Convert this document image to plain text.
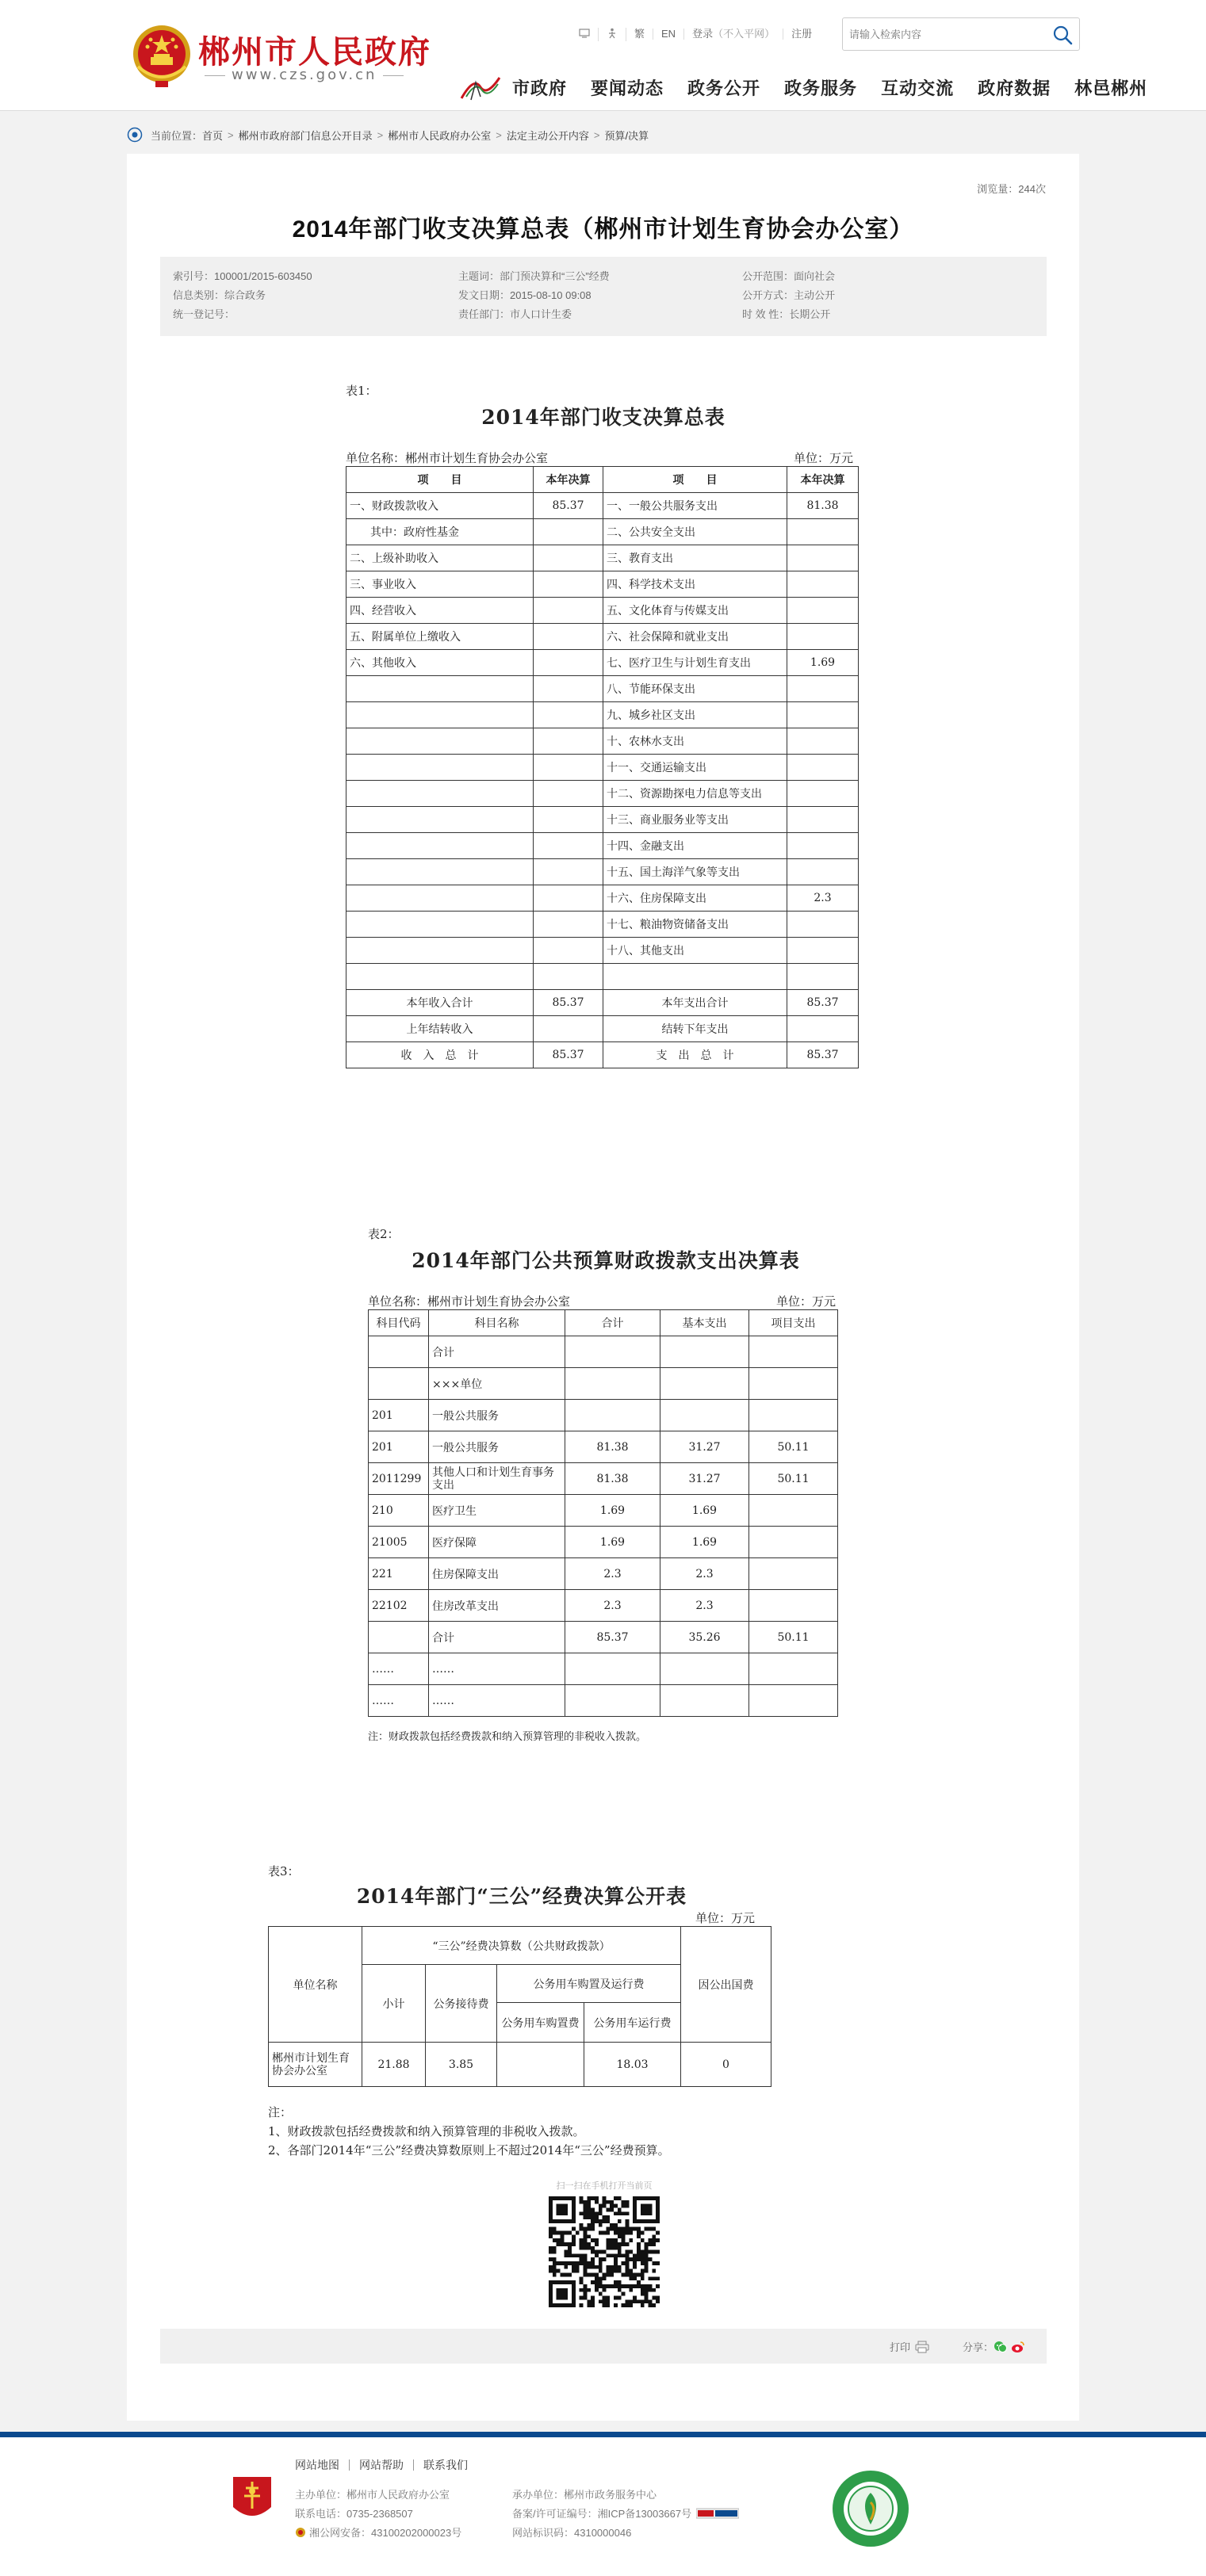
郴州市人民政府
www.czs.gov.cn
繁	EN	登录（不入平网）	注册
请输入检索内容
市政府 要闻动态 政务公开 政务服务 互动交流 政府数据 林邑郴州
当前位置： 首页 > 郴州市政府部门信息公开目录 > 郴州市人民政府办公室 > 法定主动公开内容 > 预算/决算
浏览量：244次
2014年部门收支决算总表（郴州市计划生育协会办公室）
索引号：100001/2015-603450
信息类别：综合政务
统一登记号：
主题词：部门预决算和“三公”经费
发文日期：2015-08-10 09:08
责任部门：市人口计生委
公开范围：面向社会
公开方式：主动公开
时 效 性：长期公开
表1：
2014年部门收支决算总表
单位名称：郴州市计划生育协会办公室	单位：万元
项　　目	本年决算	项　　目	本年决算
一、财政拨款收入	85.37	一、一般公共服务支出	81.38
其中：政府性基金		二、公共安全支出	
二、上级补助收入		三、教育支出	
三、事业收入		四、科学技术支出	
四、经营收入		五、文化体育与传媒支出	
五、附属单位上缴收入		六、社会保障和就业支出	
六、其他收入		七、医疗卫生与计划生育支出	1.69
		八、节能环保支出	
		九、城乡社区支出	
		十、农林水支出	
		十一、交通运输支出	
		十二、资源勘探电力信息等支出	
		十三、商业服务业等支出	
		十四、金融支出	
		十五、国土海洋气象等支出	
		十六、住房保障支出	2.3
		十七、粮油物资储备支出	
		十八、其他支出	

本年收入合计	85.37	本年支出合计	85.37
上年结转收入		结转下年支出	
收　入　总　计	85.37	支　出　总　计	85.37
表2：
2014年部门公共预算财政拨款支出决算表
单位名称：郴州市计划生育协会办公室	单位：万元
科目代码	科目名称	合计	基本支出	项目支出
	合计			
	×××单位			
201	一般公共服务			
201	一般公共服务	81.38	31.27	50.11
2011299	其他人口和计划生育事务支出	81.38	31.27	50.11
210	医疗卫生	1.69	1.69	
21005	医疗保障	1.69	1.69	
221	住房保障支出	2.3	2.3	
22102	住房改革支出	2.3	2.3	
	合计	85.37	35.26	50.11
……	……			
……	……			
注：财政拨款包括经费拨款和纳入预算管理的非税收入拨款。
表3：
2014年部门“三公”经费决算公开表
单位：万元
单位名称	“三公”经费决算数（公共财政拨款）				因公出国费
	小计	公务接待费	公务用车购置及运行费		
			公务用车购置费	公务用车运行费	
郴州市计划生育协会办公室	21.88	3.85		18.03	0
注：
1、财政拨款包括经费拨款和纳入预算管理的非税收入拨款。
2、各部门2014年“三公”经费决算数原则上不超过2014年“三公”经费预算。
扫一扫在手机打开当前页
打印	分享：
网站地图	网站帮助	联系我们
主办单位：郴州市人民政府办公室
联系电话：0735-2368507
湘公网安备：43100202000023号
承办单位：郴州市政务服务中心
备案/许可证编号：湘ICP备13003667号
网站标识码：4310000046
